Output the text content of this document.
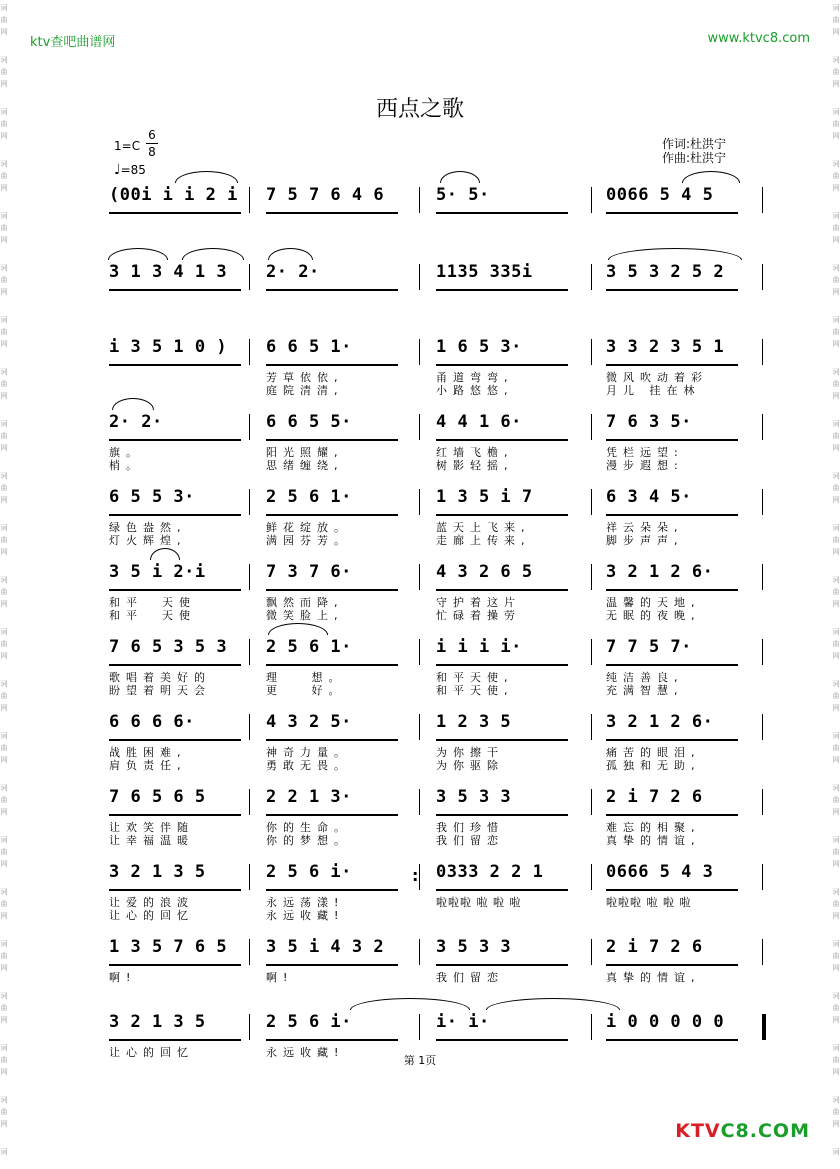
词
曲
网
词
曲
网
词
曲
网
词
曲
网
词
曲
网
词
曲
网
词
曲
网
词
曲
网
词
曲
网
词
曲
网
词
曲
网
词
曲
网
词
曲
网
词
曲
网
词
曲
网
词
曲
网
词
曲
网
词
曲
网
词
曲
网
词
曲
网
词
曲
网
词
曲
网
词
词
曲
网
词
曲
网
词
曲
网
词
曲
网
词
曲
网
词
曲
网
词
曲
网
词
曲
网
词
曲
网
词
曲
网
词
曲
网
词
曲
网
词
曲
网
词
曲
网
词
曲
网
词
曲
网
词
曲
网
词
曲
网
词
曲
网
词
曲
网
词
曲
网
词
曲
网
词
ktv查吧曲谱网	www.ktvc8.com
西点之歌
1=C
6
8
♩=85
作词:杜洪宁
作曲:杜洪宁
(00i i i 2 i 7 5 7 6 4 6	5· 5·	0066 5 4 5
3 1 3 4 1 3 2· 2·	1135 335i	3 5 3 2 5 2
i 3 5 1 0 ) 6 6 5 1·
芳草依依,
庭院清清,
1 6 5 3·
甬道弯弯,
小路悠悠,
3 3 2 3 5 1
微风吹动着彩
月儿 挂在林
2· 2·
旗。
梢。
6 6 5 5·
阳光照耀,
思绪缠绕,
4 4 1 6·
红墙飞檐,
树影轻摇,
7 6 3 5·
凭栏远望:
漫步遐想:
6 5 5 3·
绿色盎然,
灯火辉煌,
2 5 6 1·
鲜花绽放。
满园芬芳。
1 3 5 i 7
蓝天上飞来,
走廊上传来,
6 3 4 5·
祥云朵朵,
脚步声声,
3 5 i 2·i
和平  天使
和平  天使
7 3 7 6·
飘然而降,
微笑脸上,
4 3 2 6 5
守护着这片
忙碌着操劳
3 2 1 2 6·
温馨的天地,
无眠的夜晚,
7 6 5 3 5 3
歌唱着美好的
盼望着明天会
2 5 6 1·
理   想。
更   好。
i i i i·
和平天使,
和平天使,
7 7 5 7·
纯洁善良,
充满智慧,
6 6 6 6·
战胜困难,
肩负责任,
4 3 2 5·
神奇力量。
勇敢无畏。
1 2 3 5
为你擦干
为你驱除
3 2 1 2 6·
痛苦的眼泪,
孤独和无助,
7 6 5 6 5
让欢笑伴随
让幸福温暖
2 2 1 3·
你的生命。
你的梦想。
3 5 3 3
我们珍惜
我们留恋
2 i 7 2 6
难忘的相聚,
真挚的情谊,
3 2 1 3 5
让爱的浪波
让心的回忆
2 5 6 i·
永远荡漾!
永远收藏!
0333 2 2 1
啦啦啦 啦 啦 啦
0666 5 4 3
啦啦啦 啦 啦 啦
:
1 3 5 7 6 5
啊!
3 5 i 4 3 2
啊!
3 5 3 3
我们留恋
2 i 7 2 6
真挚的情谊,
3 2 1 3 5
让心的回忆
2 5 6 i·
永远收藏!
i· i·	i 0 0 0 0 0
第 1页
KTVC8.COM
